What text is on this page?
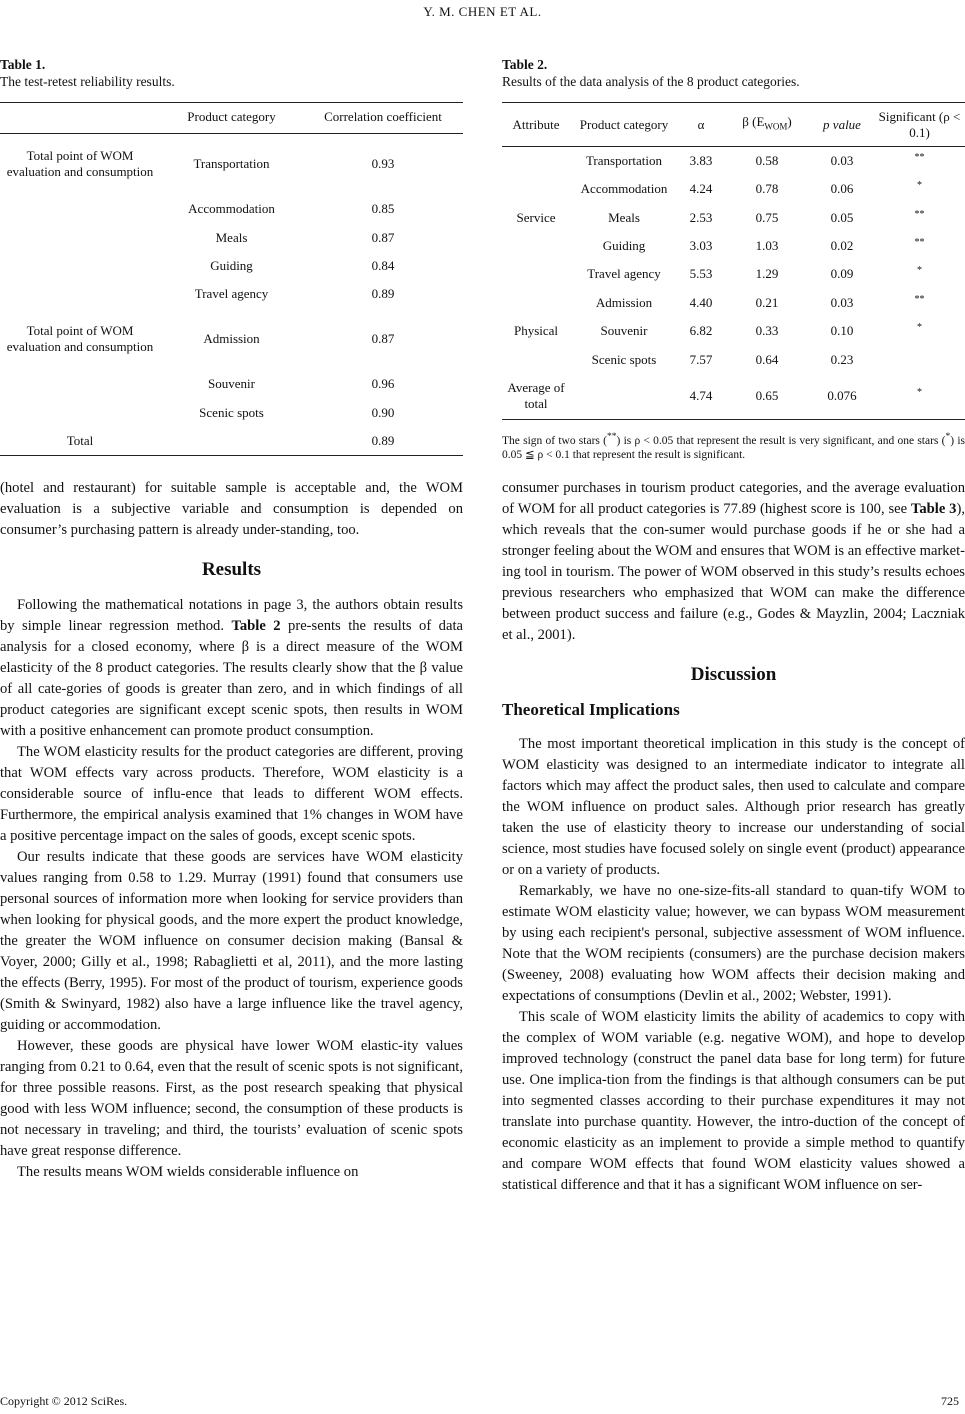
Y. M. CHEN ET AL.
Table 1.
The test-retest reliability results.
	Product category	Correlation coefficient
Total point of WOM evaluation and consumption	Transportation	0.93
	Accommodation	0.85
	Meals	0.87
	Guiding	0.84
	Travel agency	0.89
Total point of WOM evaluation and consumption	Admission	0.87
	Souvenir	0.96
	Scenic spots	0.90
Total		0.89

(hotel and restaurant) for suitable sample is acceptable and, the WOM evaluation is a subjective variable and consumption is depended on consumer’s purchasing pattern is already under-standing, too.

Results

Following the mathematical notations in page 3, the authors obtain results by simple linear regression method. Table 2 pre-sents the results of data analysis for a closed economy, where β is a direct measure of the WOM elasticity of the 8 product categories. The results clearly show that the β value of all cate-gories of goods is greater than zero, and in which findings of all product categories are significant except scenic spots, then results in WOM with a positive enhancement can promote product consumption.

The WOM elasticity results for the product categories are different, proving that WOM effects vary across products. Therefore, WOM elasticity is a considerable source of influ-ence that leads to different WOM effects. Furthermore, the empirical analysis examined that 1% changes in WOM have a positive percentage impact on the sales of goods, except scenic spots.

Our results indicate that these goods are services have WOM elasticity values ranging from 0.58 to 1.29. Murray (1991) found that consumers use personal sources of information more when looking for service providers than when looking for physical goods, and the more expert the product knowledge, the greater the WOM influence on consumer decision making (Bansal & Voyer, 2000; Gilly et al., 1998; Rabaglietti et al, 2011), and the more lasting the effects (Berry, 1995). For most of the product of tourism, experience goods (Smith & Swinyard, 1982) also have a large influence like the travel agency, guiding or accommodation.

However, these goods are physical have lower WOM elastic-ity values ranging from 0.21 to 0.64, even that the result of scenic spots is not significant, for three possible reasons. First, as the post research speaking that physical good with less WOM influence; second, the consumption of these products is not necessary in traveling; and third, the tourists’ evaluation of scenic spots have great response difference.

The results means WOM wields considerable influence on

Table 2.
Results of the data analysis of the 8 product categories.
Attribute	Product category	α	β $(E_{WOM})$	p value	Significant (ρ < 0.1)
	Transportation	3.83	0.58	0.03	**
	Accommodation	4.24	0.78	0.06	*
Service	Meals	2.53	0.75	0.05	**
	Guiding	3.03	1.03	0.02	**
	Travel agency	5.53	1.29	0.09	*
	Admission	4.40	0.21	0.03	**
Physical	Souvenir	6.82	0.33	0.10	*
	Scenic spots	7.57	0.64	0.23	
Average of total		4.74	0.65	0.076	*
The sign of two stars (**) is ρ < 0.05 that represent the result is very significant, and one stars (*) is 0.05 ≦ ρ < 0.1 that represent the result is significant.

consumer purchases in tourism product categories, and the average evaluation of WOM for all product categories is 77.89 (highest score is 100, see Table 3), which reveals that the con-sumer would purchase goods if he or she had a stronger feeling about the WOM and ensures that WOM is an effective market-ing tool in tourism. The power of WOM observed in this study’s results echoes previous researchers who emphasized that WOM can make the difference between product success and failure (e.g., Godes & Mayzlin, 2004; Laczniak et al., 2001).

Discussion
Theoretical Implications

The most important theoretical implication in this study is the concept of WOM elasticity was designed to an intermediate indicator to integrate all factors which may affect the product sales, then used to calculate and compare the WOM influence on product sales. Although prior research has greatly taken the use of elasticity theory to increase our understanding of social science, most studies have focused solely on single event (product) appearance or on a variety of products.

Remarkably, we have no one-size-fits-all standard to quan-tify WOM to estimate WOM elasticity value; however, we can bypass WOM measurement by using each recipient's personal, subjective assessment of WOM influence. Note that the WOM recipients (consumers) are the purchase decision makers (Sweeney, 2008) evaluating how WOM affects their decision making and expectations of consumptions (Devlin et al., 2002; Webster, 1991).

This scale of WOM elasticity limits the ability of academics to copy with the complex of WOM variable (e.g. negative WOM), and hope to develop improved technology (construct the panel data base for long term) for future use. One implica-tion from the findings is that although consumers can be put into segmented classes according to their purchase expenditures it may not translate into purchase quantity. However, the intro-duction of the concept of economic elasticity as an implement to provide a simple method to quantify and compare WOM effects that found WOM elasticity values showed a statistical difference and that it has a significant WOM influence on ser-

Copyright © 2012 SciRes.	725
